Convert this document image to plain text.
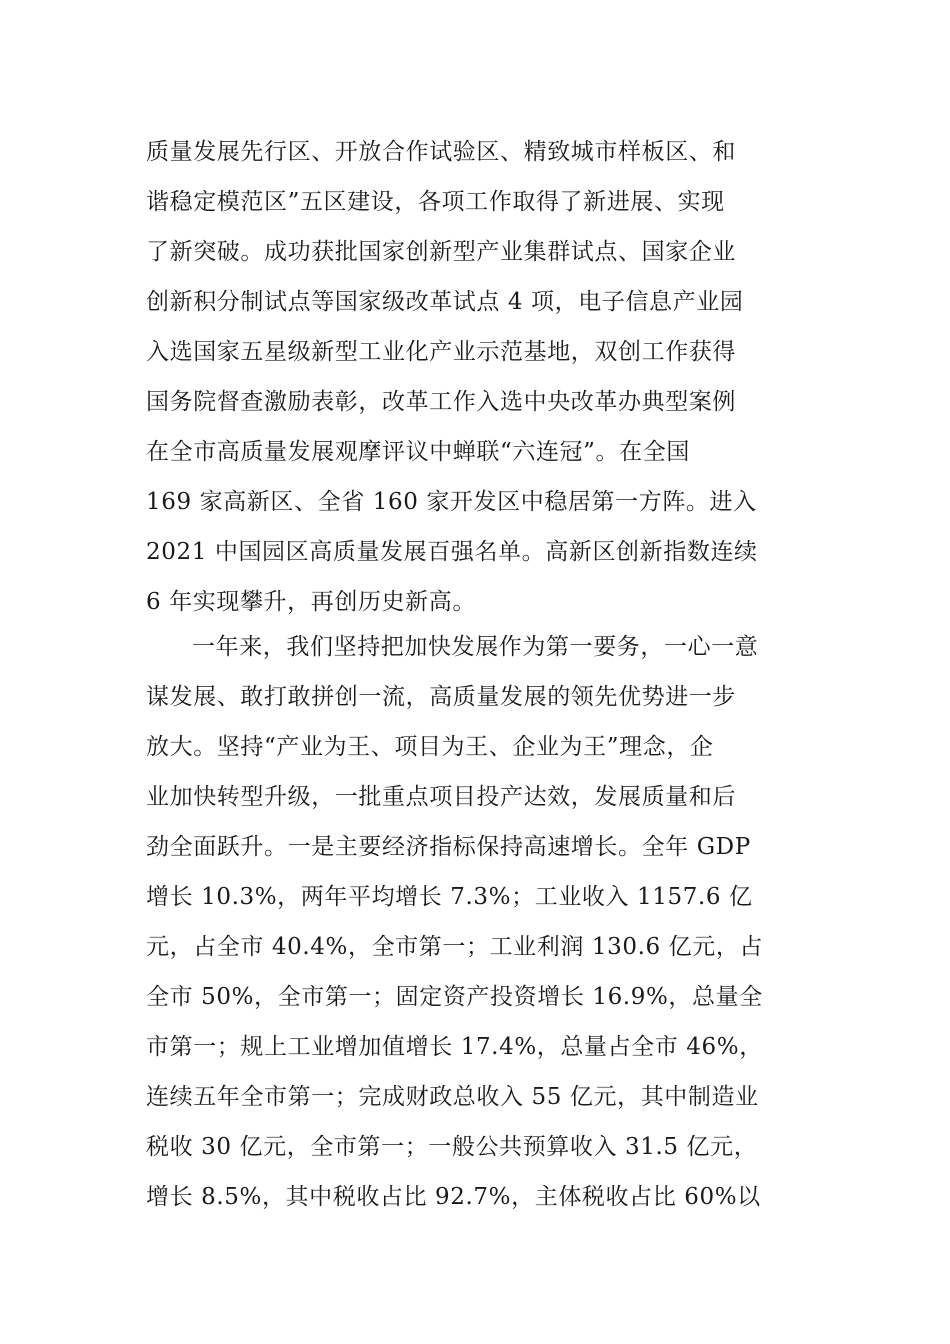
质量发展先行区、开放合作试验区、精致城市样板区、和
谐稳定模范区”五区建设，各项工作取得了新进展、实现
了新突破。成功获批国家创新型产业集群试点、国家企业
创新积分制试点等国家级改革试点 4 项，电子信息产业园
入选国家五星级新型工业化产业示范基地，双创工作获得
国务院督查激励表彰，改革工作入选中央改革办典型案例
在全市高质量发展观摩评议中蝉联“六连冠”。在全国
169 家高新区、全省 160 家开发区中稳居第一方阵。进入
2021 中国园区高质量发展百强名单。高新区创新指数连续
6 年实现攀升，再创历史新高。
一年来，我们坚持把加快发展作为第一要务，一心一意
谋发展、敢打敢拼创一流，高质量发展的领先优势进一步
放大。坚持“产业为王、项目为王、企业为王”理念，企
业加快转型升级，一批重点项目投产达效，发展质量和后
劲全面跃升。一是主要经济指标保持高速增长。全年 GDP
增长 10.3%，两年平均增长 7.3%；工业收入 1157.6 亿
元，占全市 40.4%，全市第一；工业利润 130.6 亿元，占
全市 50%，全市第一；固定资产投资增长 16.9%，总量全
市第一；规上工业增加值增长 17.4%，总量占全市 46%，
连续五年全市第一；完成财政总收入 55 亿元，其中制造业
税收 30 亿元，全市第一；一般公共预算收入 31.5 亿元，
增长 8.5%，其中税收占比 92.7%，主体税收占比 60%以
